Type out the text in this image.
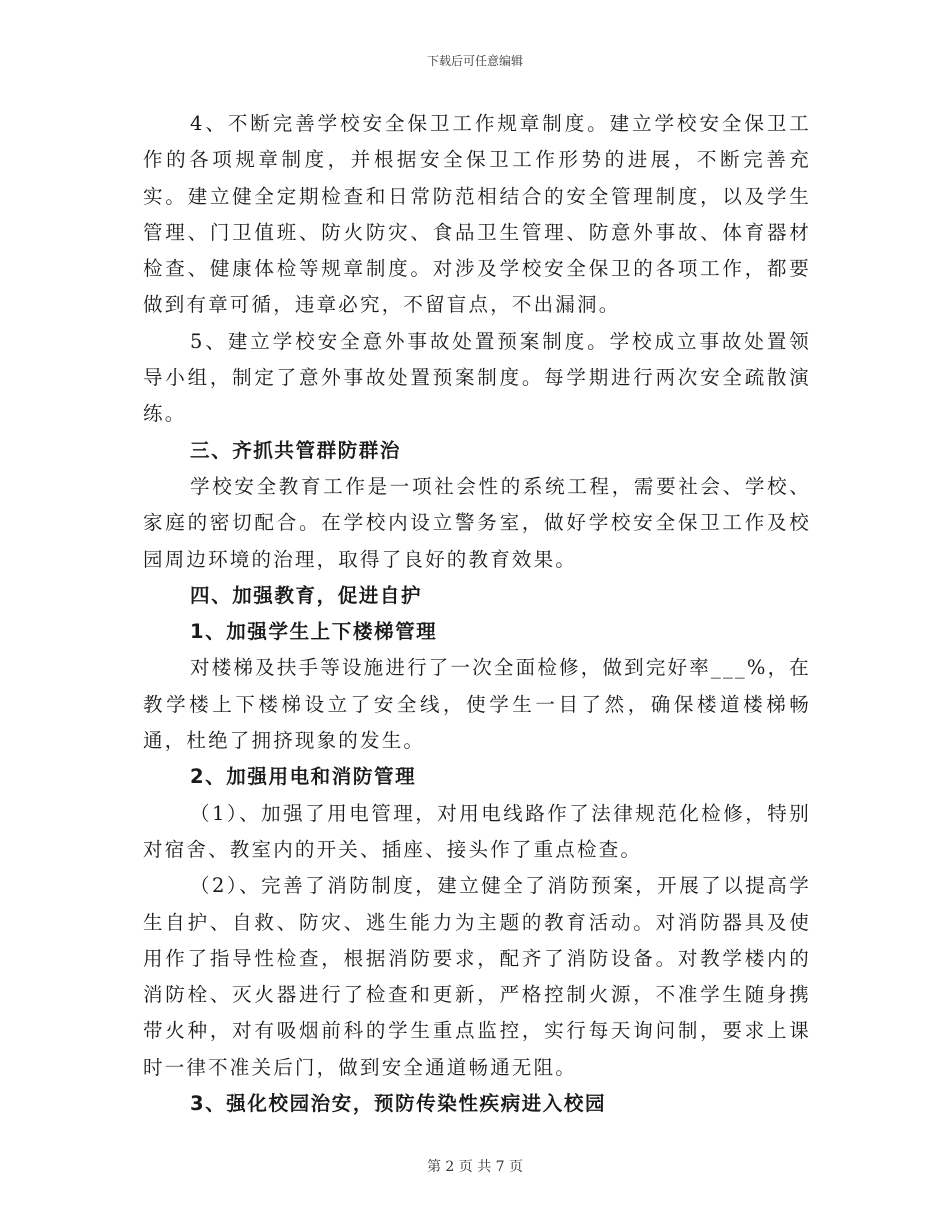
下载后可任意编辑

4、不断完善学校安全保卫工作规章制度。建立学校安全保卫工作的各项规章制度，并根据安全保卫工作形势的进展，不断完善充实。建立健全定期检查和日常防范相结合的安全管理制度，以及学生管理、门卫值班、防火防灾、食品卫生管理、防意外事故、体育器材检查、健康体检等规章制度。对涉及学校安全保卫的各项工作，都要做到有章可循，违章必究，不留盲点，不出漏洞。

5、建立学校安全意外事故处置预案制度。学校成立事故处置领导小组，制定了意外事故处置预案制度。每学期进行两次安全疏散演练。

三、齐抓共管群防群治

学校安全教育工作是一项社会性的系统工程，需要社会、学校、家庭的密切配合。在学校内设立警务室，做好学校安全保卫工作及校园周边环境的治理，取得了良好的教育效果。

四、加强教育，促进自护

1、加强学生上下楼梯管理

对楼梯及扶手等设施进行了一次全面检修，做到完好率___%，在教学楼上下楼梯设立了安全线，使学生一目了然，确保楼道楼梯畅通，杜绝了拥挤现象的发生。

2、加强用电和消防管理

（1）、加强了用电管理，对用电线路作了法律规范化检修，特别对宿舍、教室内的开关、插座、接头作了重点检查。

（2）、完善了消防制度，建立健全了消防预案，开展了以提高学生自护、自救、防灾、逃生能力为主题的教育活动。对消防器具及使用作了指导性检查，根据消防要求，配齐了消防设备。对教学楼内的消防栓、灭火器进行了检查和更新，严格控制火源，不准学生随身携带火种，对有吸烟前科的学生重点监控，实行每天询问制，要求上课时一律不准关后门，做到安全通道畅通无阻。

3、强化校园治安，预防传染性疾病进入校园

第 2 页 共 7 页
